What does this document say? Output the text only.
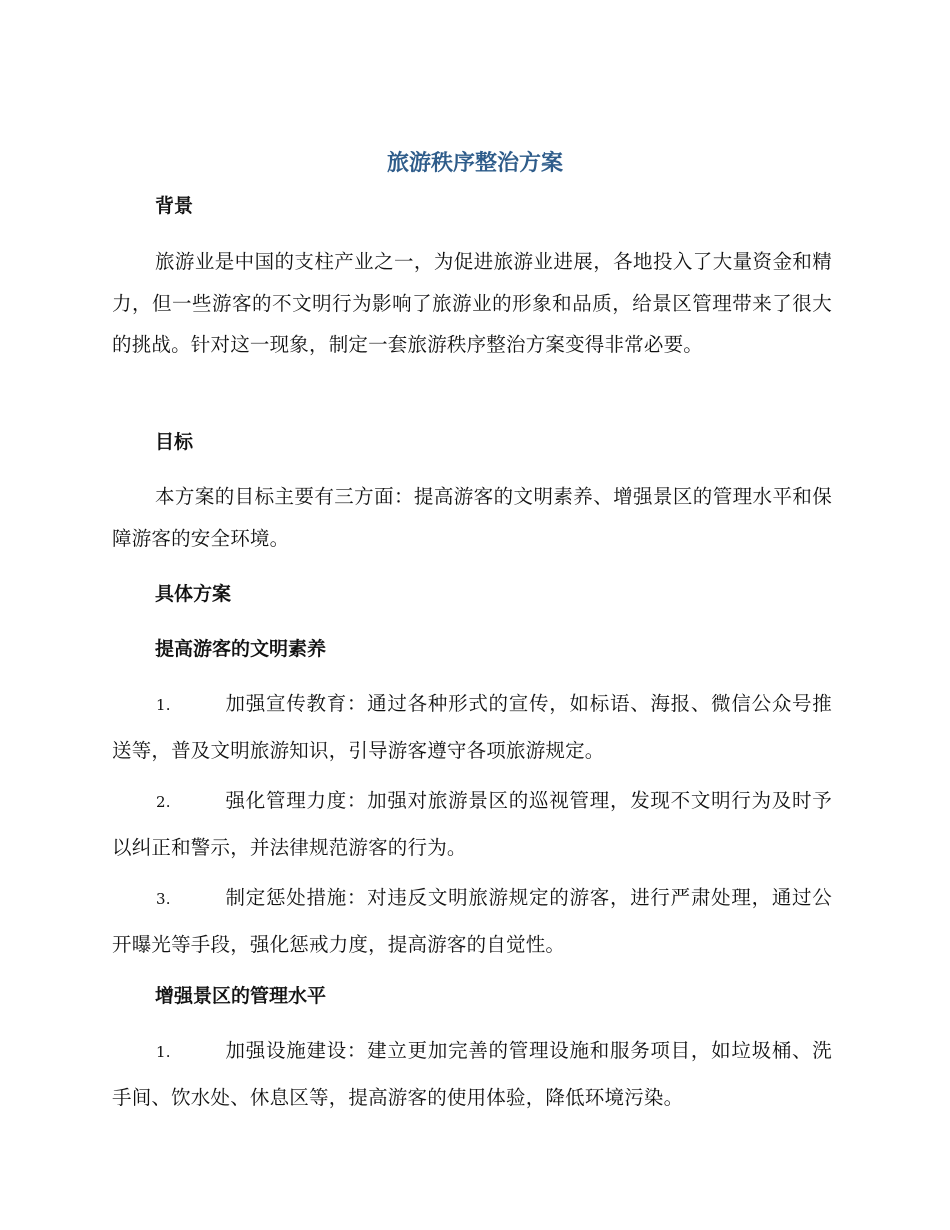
旅游秩序整治方案
背景

旅游业是中国的支柱产业之一，为促进旅游业进展，各地投入了大量资金和精力，但一些游客的不文明行为影响了旅游业的形象和品质，给景区管理带来了很大的挑战。针对这一现象，制定一套旅游秩序整治方案变得非常必要。

目标

本方案的目标主要有三方面：提高游客的文明素养、增强景区的管理水平和保障游客的安全环境。

具体方案
提高游客的文明素养

1.	加强宣传教育：通过各种形式的宣传，如标语、海报、微信公众号推送等，普及文明旅游知识，引导游客遵守各项旅游规定。

2.	强化管理力度：加强对旅游景区的巡视管理，发现不文明行为及时予以纠正和警示，并法律规范游客的行为。

3.	制定惩处措施：对违反文明旅游规定的游客，进行严肃处理，通过公开曝光等手段，强化惩戒力度，提高游客的自觉性。

增强景区的管理水平

1.	加强设施建设：建立更加完善的管理设施和服务项目，如垃圾桶、洗手间、饮水处、休息区等，提高游客的使用体验，降低环境污染。
